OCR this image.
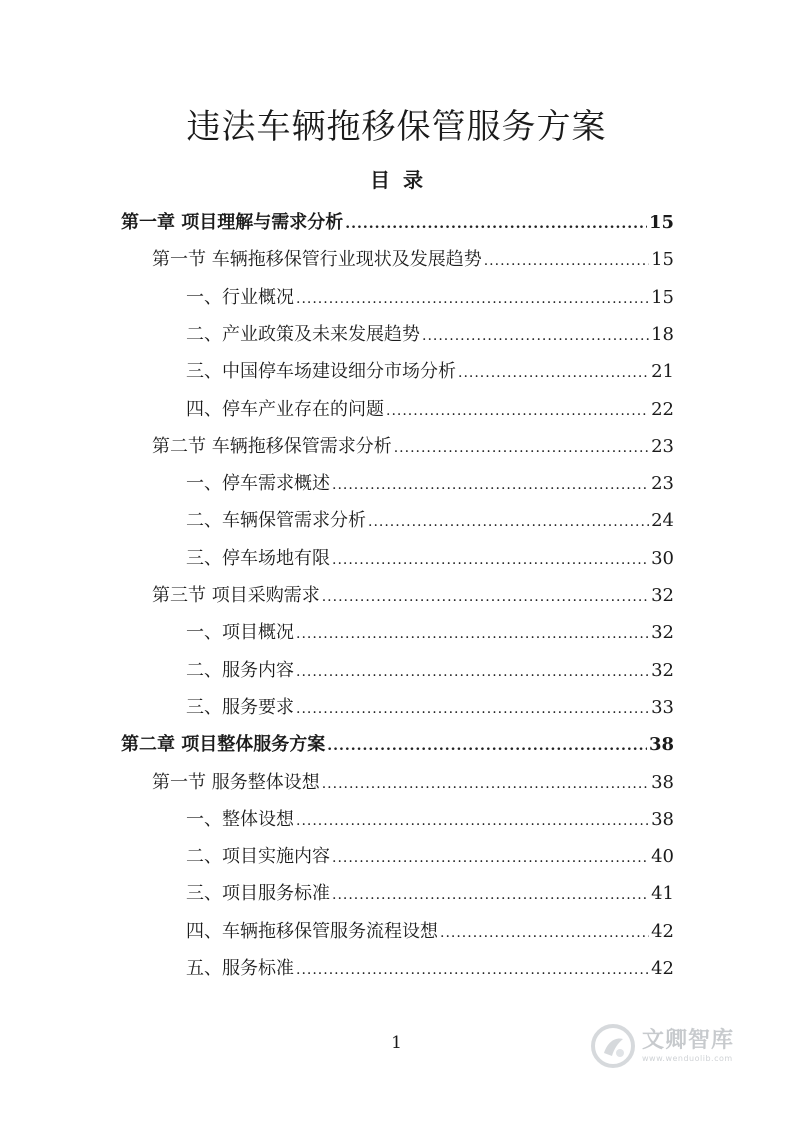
违法车辆拖移保管服务方案
目 录
第一章 项目理解与需求分析 .....	15
第一节 车辆拖移保管行业现状及发展趋势 .....	15
一、行业概况 .....	15
二、产业政策及未来发展趋势 .....	18
三、中国停车场建设细分市场分析 .....	21
四、停车产业存在的问题 .....	22
第二节 车辆拖移保管需求分析 .....	23
一、停车需求概述 .....	23
二、车辆保管需求分析 .....	24
三、停车场地有限 .....	30
第三节 项目采购需求 .....	32
一、项目概况 .....	32
二、服务内容 .....	32
三、服务要求 .....	33
第二章 项目整体服务方案 .....	38
第一节 服务整体设想 .....	38
一、整体设想 .....	38
二、项目实施内容 .....	40
三、项目服务标准 .....	41
四、车辆拖移保管服务流程设想 .....	42
五、服务标准 .....	42
1	文卿智库
www.wenduolib.com
